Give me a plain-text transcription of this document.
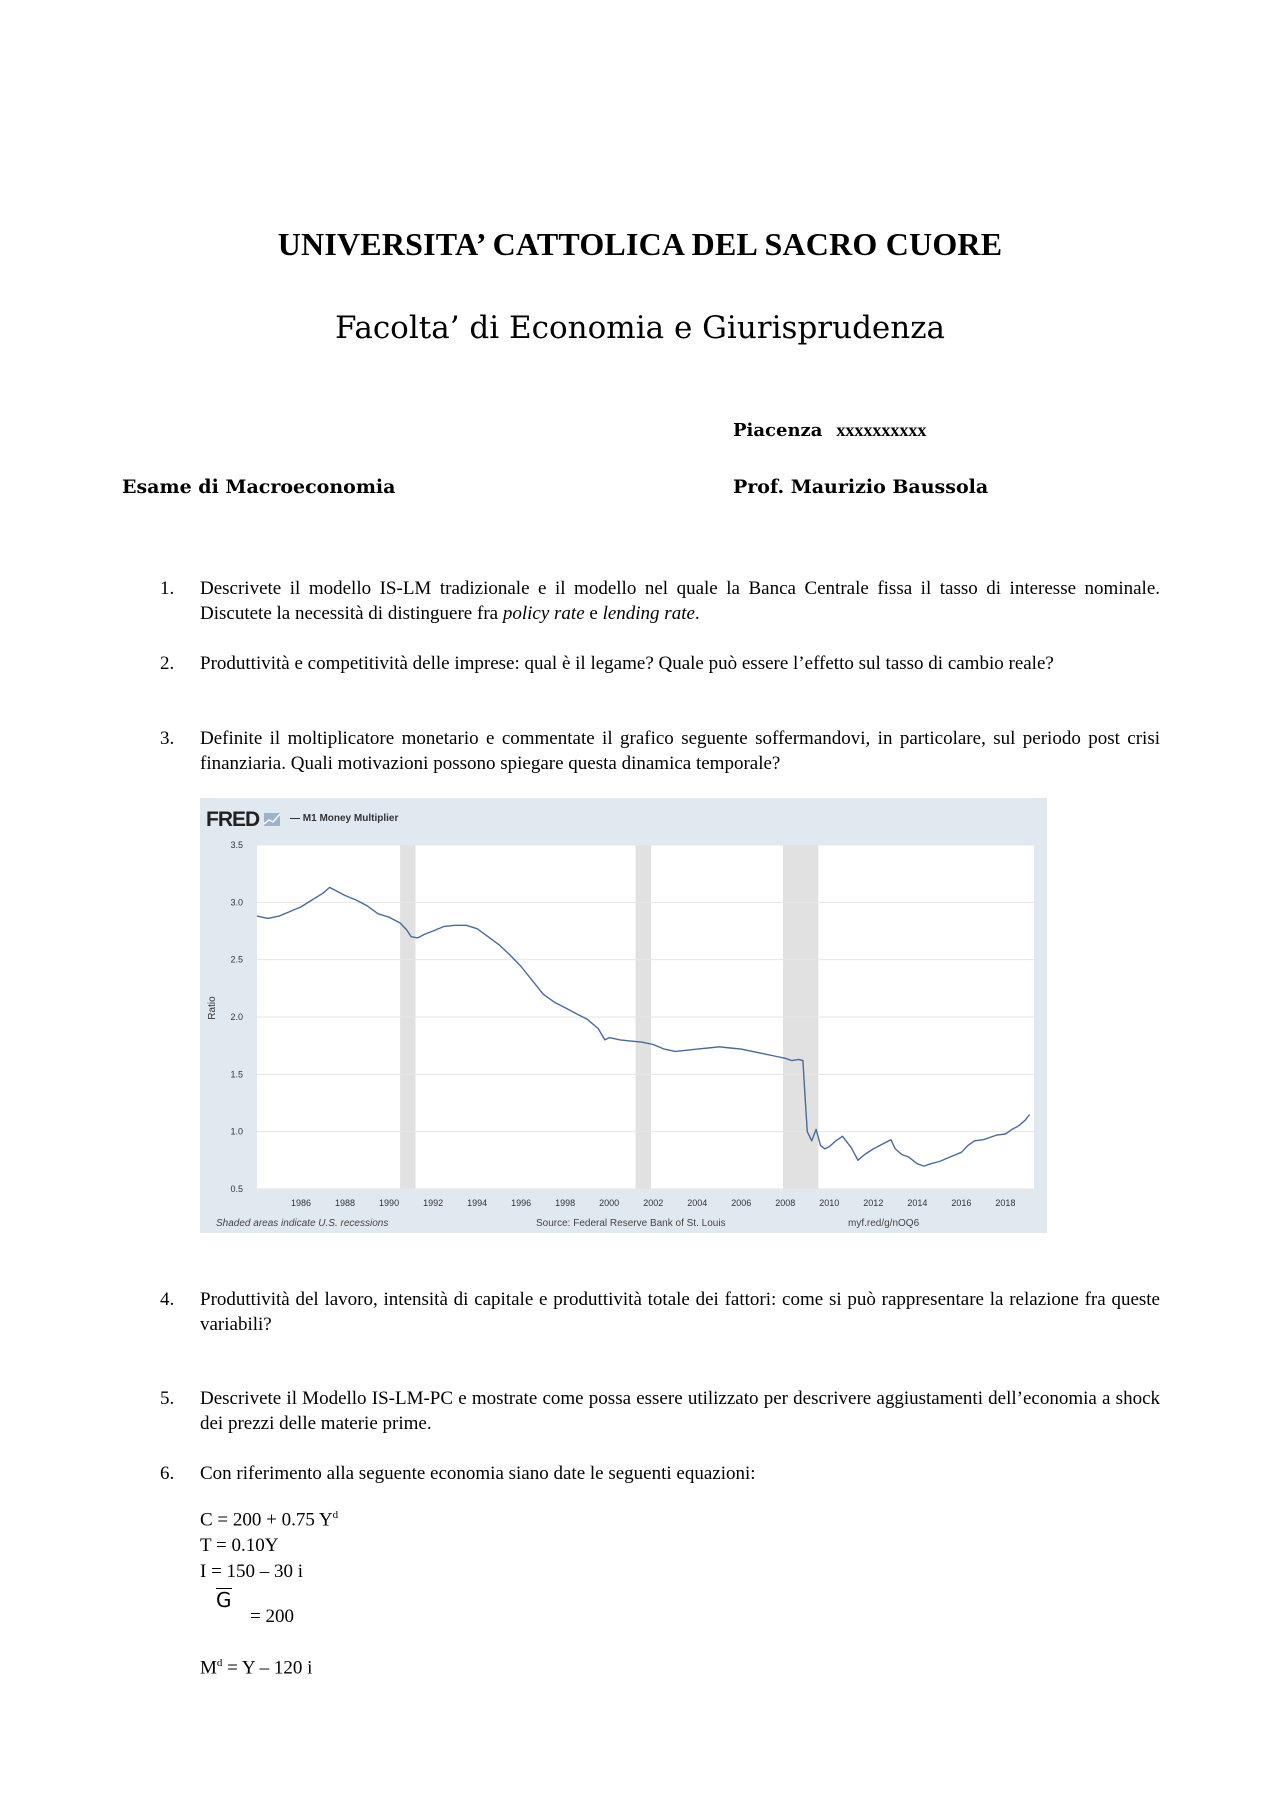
UNIVERSITA’ CATTOLICA DEL SACRO CUORE
Facolta’ di Economia e Giurisprudenza
Piacenza xxxxxxxxxx
Esame di Macroeconomia	Prof. Maurizio Baussola
1. Descrivete il modello IS-LM tradizionale e il modello nel quale la Banca Centrale fissa il tasso di interesse nominale. Discutete la necessità di distinguere fra policy rate e lending rate.
2. Produttività e competitività delle imprese: qual è il legame? Quale può essere l’effetto sul tasso di cambio reale?
3. Definite il moltiplicatore monetario e commentate il grafico seguente soffermandovi, in particolare, sul periodo post crisi finanziaria. Quali motivazioni possono spiegare questa dinamica temporale?
FRED	— M1 Money Multiplier
0.5
1.0
1.5
2.0
2.5
3.0
3.5
1986	1988	1990	1992	1994	1996	1998	2000	2002	2004	2006	2008	2010	2012	2014	2016	2018
Ratio
Shaded areas indicate U.S. recessions	Source: Federal Reserve Bank of St. Louis	myf.red/g/nOQ6
4. Produttività del lavoro, intensità di capitale e produttività totale dei fattori: come si può rappresentare la relazione fra queste variabili?
5. Descrivete il Modello IS-LM-PC e mostrate come possa essere utilizzato per descrivere aggiustamenti dell’economia a shock dei prezzi delle materie prime.
6. Con riferimento alla seguente economia siano date le seguenti equazioni:
C = 200 + 0.75 $Y^d$
T = 0.10Y
I = 150 – 30 i
G
= 200
$M^d = Y - 120$ i
